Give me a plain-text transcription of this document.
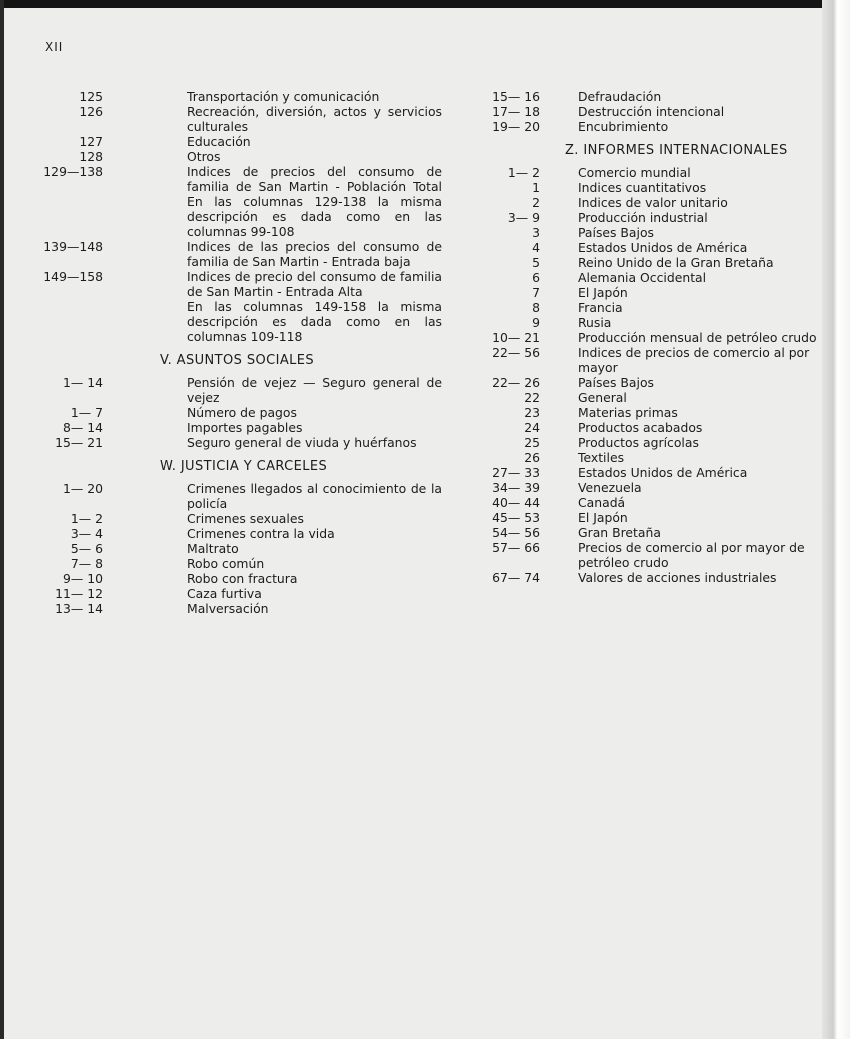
XII
125	Transportación y comunicación
126	Recreación, diversión, actos y servicios culturales
127	Educación
128	Otros
129—138	Indices de precios del consumo de familia de San Martin - Población Total En las columnas 129-138 la misma descripción es dada como en las columnas 99-108
139—148	Indices de las precios del consumo de familia de San Martin - Entrada baja
149—158	Indices de precio del consumo de familia de San Martin - Entrada Alta
En las columnas 149-158 la misma descripción es dada como en las columnas 109-118
V. ASUNTOS SOCIALES
1— 14	Pensión de vejez — Seguro general de vejez
1— 7	Número de pagos
8— 14	Importes pagables
15— 21	Seguro general de viuda y huérfanos
W. JUSTICIA Y CARCELES
1— 20	Crimenes llegados al conocimiento de la policía
1— 2	Crimenes sexuales
3— 4	Crimenes contra la vida
5— 6	Maltrato
7— 8	Robo común
9— 10	Robo con fractura
11— 12	Caza furtiva
13— 14	Malversación
15— 16	Defraudación
17— 18	Destrucción intencional
19— 20	Encubrimiento
Z. INFORMES INTERNACIONALES
1— 2	Comercio mundial
1	Indices cuantitativos
2	Indices de valor unitario
3— 9	Producción industrial
3	Países Bajos
4	Estados Unidos de América
5	Reino Unido de la Gran Bretaña
6	Alemania Occidental
7	El Japón
8	Francia
9	Rusia
10— 21	Producción mensual de petróleo crudo
22— 56	Indices de precios de comercio al por mayor
22— 26	Países Bajos
22	General
23	Materias primas
24	Productos acabados
25	Productos agrícolas
26	Textiles
27— 33	Estados Unidos de América
34— 39	Venezuela
40— 44	Canadá
45— 53	El Japón
54— 56	Gran Bretaña
57— 66	Precios de comercio al por mayor de petróleo crudo
67— 74	Valores de acciones industriales
